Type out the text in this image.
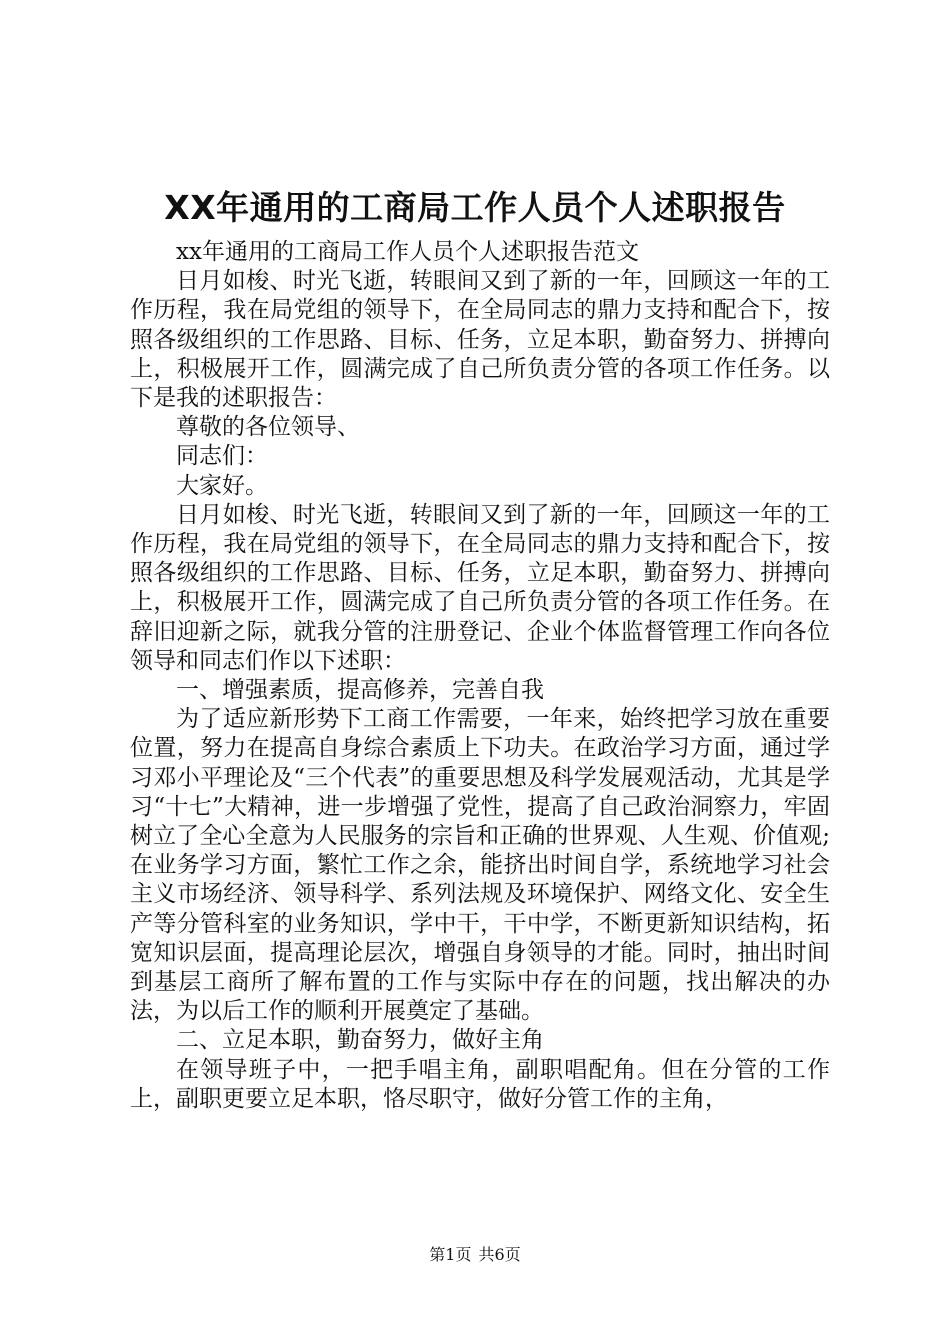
XX年通用的工商局工作人员个人述职报告

xx年通用的工商局工作人员个人述职报告范文

日月如梭、时光飞逝，转眼间又到了新的一年，回顾这一年的工作历程，我在局党组的领导下，在全局同志的鼎力支持和配合下，按照各级组织的工作思路、目标、任务，立足本职，勤奋努力、拼搏向上，积极展开工作，圆满完成了自己所负责分管的各项工作任务。以下是我的述职报告：

尊敬的各位领导、

同志们：

大家好。

日月如梭、时光飞逝，转眼间又到了新的一年，回顾这一年的工作历程，我在局党组的领导下，在全局同志的鼎力支持和配合下，按照各级组织的工作思路、目标、任务，立足本职，勤奋努力、拼搏向上，积极展开工作，圆满完成了自己所负责分管的各项工作任务。在辞旧迎新之际，就我分管的注册登记、企业个体监督管理工作向各位领导和同志们作以下述职：

一、增强素质，提高修养，完善自我

为了适应新形势下工商工作需要，一年来，始终把学习放在重要位置，努力在提高自身综合素质上下功夫。在政治学习方面，通过学习邓小平理论及“三个代表”的重要思想及科学发展观活动，尤其是学习“十七”大精神，进一步增强了党性，提高了自己政治洞察力，牢固树立了全心全意为人民服务的宗旨和正确的世界观、人生观、价值观;在业务学习方面，繁忙工作之余，能挤出时间自学，系统地学习社会主义市场经济、领导科学、系列法规及环境保护、网络文化、安全生产等分管科室的业务知识，学中干，干中学，不断更新知识结构，拓宽知识层面，提高理论层次，增强自身领导的才能。同时，抽出时间到基层工商所了解布置的工作与实际中存在的问题，找出解决的办法，为以后工作的顺利开展奠定了基础。

二、立足本职，勤奋努力，做好主角

在领导班子中，一把手唱主角，副职唱配角。但在分管的工作上，副职更要立足本职，恪尽职守，做好分管工作的主角，

第1页 共6页
